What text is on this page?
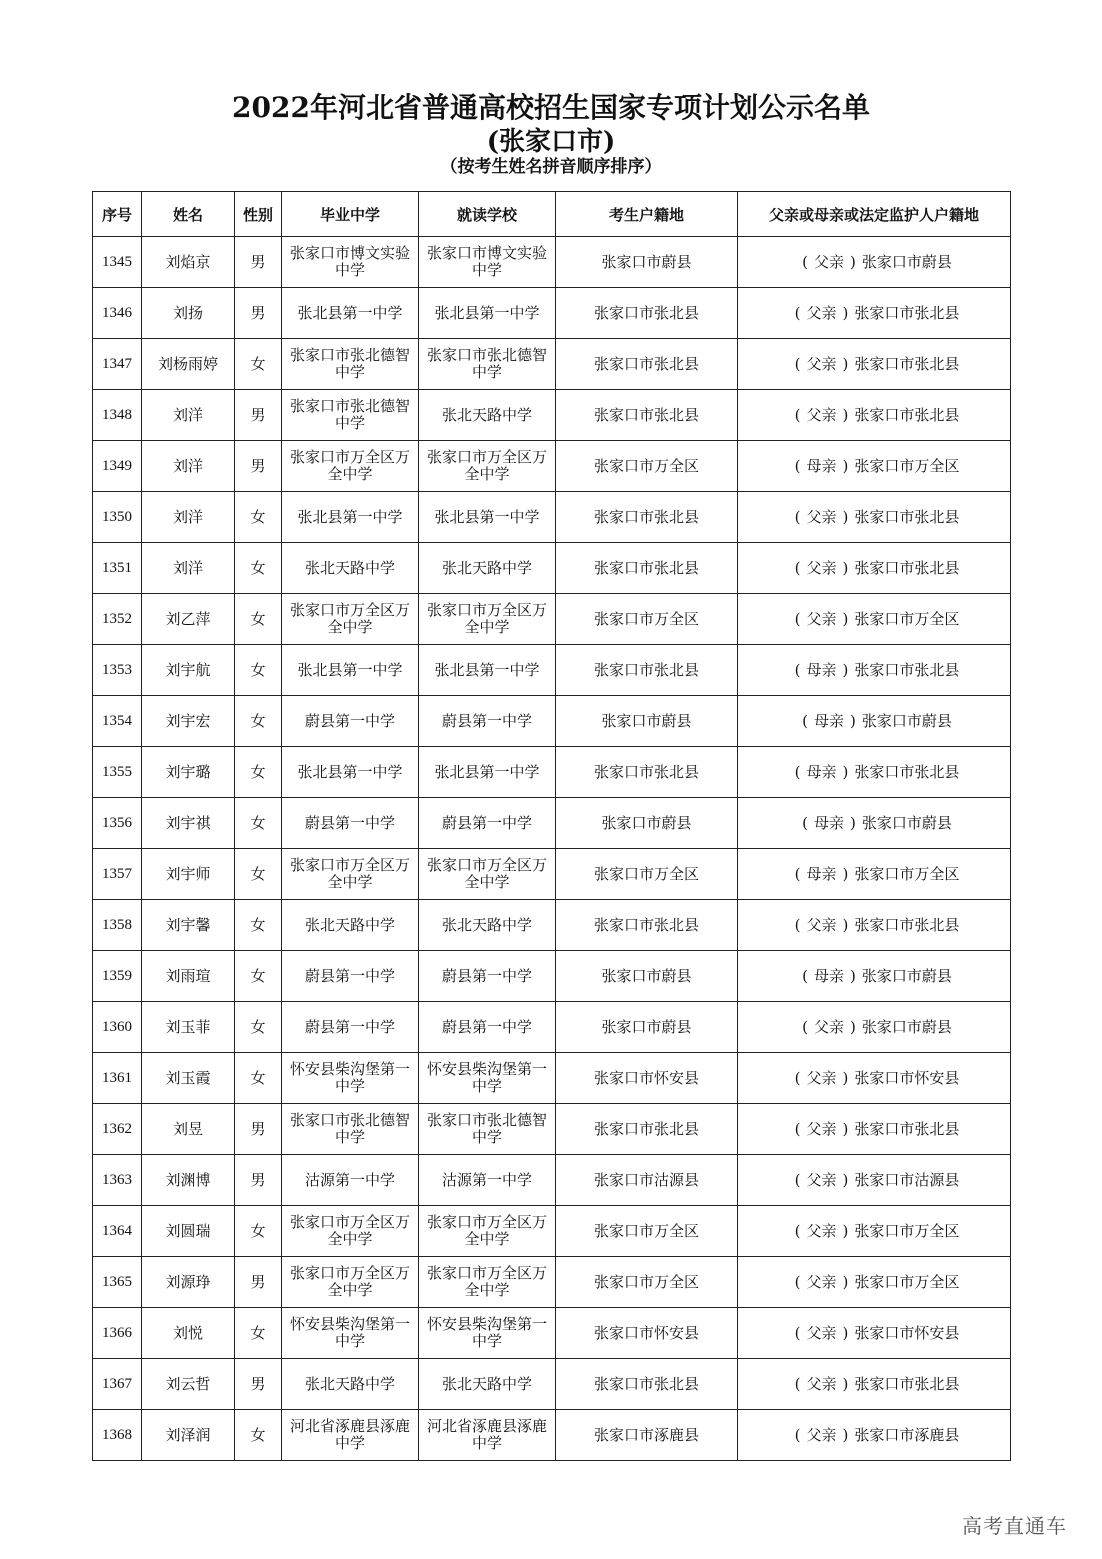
2022年河北省普通高校招生国家专项计划公示名单
(张家口市)
（按考生姓名拼音顺序排序）
序号	姓名	性别	毕业中学	就读学校	考生户籍地	父亲或母亲或法定监护人户籍地
1345	刘焰京	男	张家口市博文实验中学	张家口市博文实验中学	张家口市蔚县	( 父亲 ) 张家口市蔚县
1346	刘扬	男	张北县第一中学	张北县第一中学	张家口市张北县	( 父亲 ) 张家口市张北县
1347	刘杨雨婷	女	张家口市张北德智中学	张家口市张北德智中学	张家口市张北县	( 父亲 ) 张家口市张北县
1348	刘洋	男	张家口市张北德智中学	张北天路中学	张家口市张北县	( 父亲 ) 张家口市张北县
1349	刘洋	男	张家口市万全区万全中学	张家口市万全区万全中学	张家口市万全区	( 母亲 ) 张家口市万全区
1350	刘洋	女	张北县第一中学	张北县第一中学	张家口市张北县	( 父亲 ) 张家口市张北县
1351	刘洋	女	张北天路中学	张北天路中学	张家口市张北县	( 父亲 ) 张家口市张北县
1352	刘乙萍	女	张家口市万全区万全中学	张家口市万全区万全中学	张家口市万全区	( 父亲 ) 张家口市万全区
1353	刘宇航	女	张北县第一中学	张北县第一中学	张家口市张北县	( 母亲 ) 张家口市张北县
1354	刘宇宏	女	蔚县第一中学	蔚县第一中学	张家口市蔚县	( 母亲 ) 张家口市蔚县
1355	刘宇璐	女	张北县第一中学	张北县第一中学	张家口市张北县	( 母亲 ) 张家口市张北县
1356	刘宇祺	女	蔚县第一中学	蔚县第一中学	张家口市蔚县	( 母亲 ) 张家口市蔚县
1357	刘宇师	女	张家口市万全区万全中学	张家口市万全区万全中学	张家口市万全区	( 母亲 ) 张家口市万全区
1358	刘宇馨	女	张北天路中学	张北天路中学	张家口市张北县	( 父亲 ) 张家口市张北县
1359	刘雨瑄	女	蔚县第一中学	蔚县第一中学	张家口市蔚县	( 母亲 ) 张家口市蔚县
1360	刘玉菲	女	蔚县第一中学	蔚县第一中学	张家口市蔚县	( 父亲 ) 张家口市蔚县
1361	刘玉霞	女	怀安县柴沟堡第一中学	怀安县柴沟堡第一中学	张家口市怀安县	( 父亲 ) 张家口市怀安县
1362	刘昱	男	张家口市张北德智中学	张家口市张北德智中学	张家口市张北县	( 父亲 ) 张家口市张北县
1363	刘渊博	男	沽源第一中学	沽源第一中学	张家口市沽源县	( 父亲 ) 张家口市沽源县
1364	刘圆瑞	女	张家口市万全区万全中学	张家口市万全区万全中学	张家口市万全区	( 父亲 ) 张家口市万全区
1365	刘源琤	男	张家口市万全区万全中学	张家口市万全区万全中学	张家口市万全区	( 父亲 ) 张家口市万全区
1366	刘悦	女	怀安县柴沟堡第一中学	怀安县柴沟堡第一中学	张家口市怀安县	( 父亲 ) 张家口市怀安县
1367	刘云哲	男	张北天路中学	张北天路中学	张家口市张北县	( 父亲 ) 张家口市张北县
1368	刘泽润	女	河北省涿鹿县涿鹿中学	河北省涿鹿县涿鹿中学	张家口市涿鹿县	( 父亲 ) 张家口市涿鹿县
高考直通车
